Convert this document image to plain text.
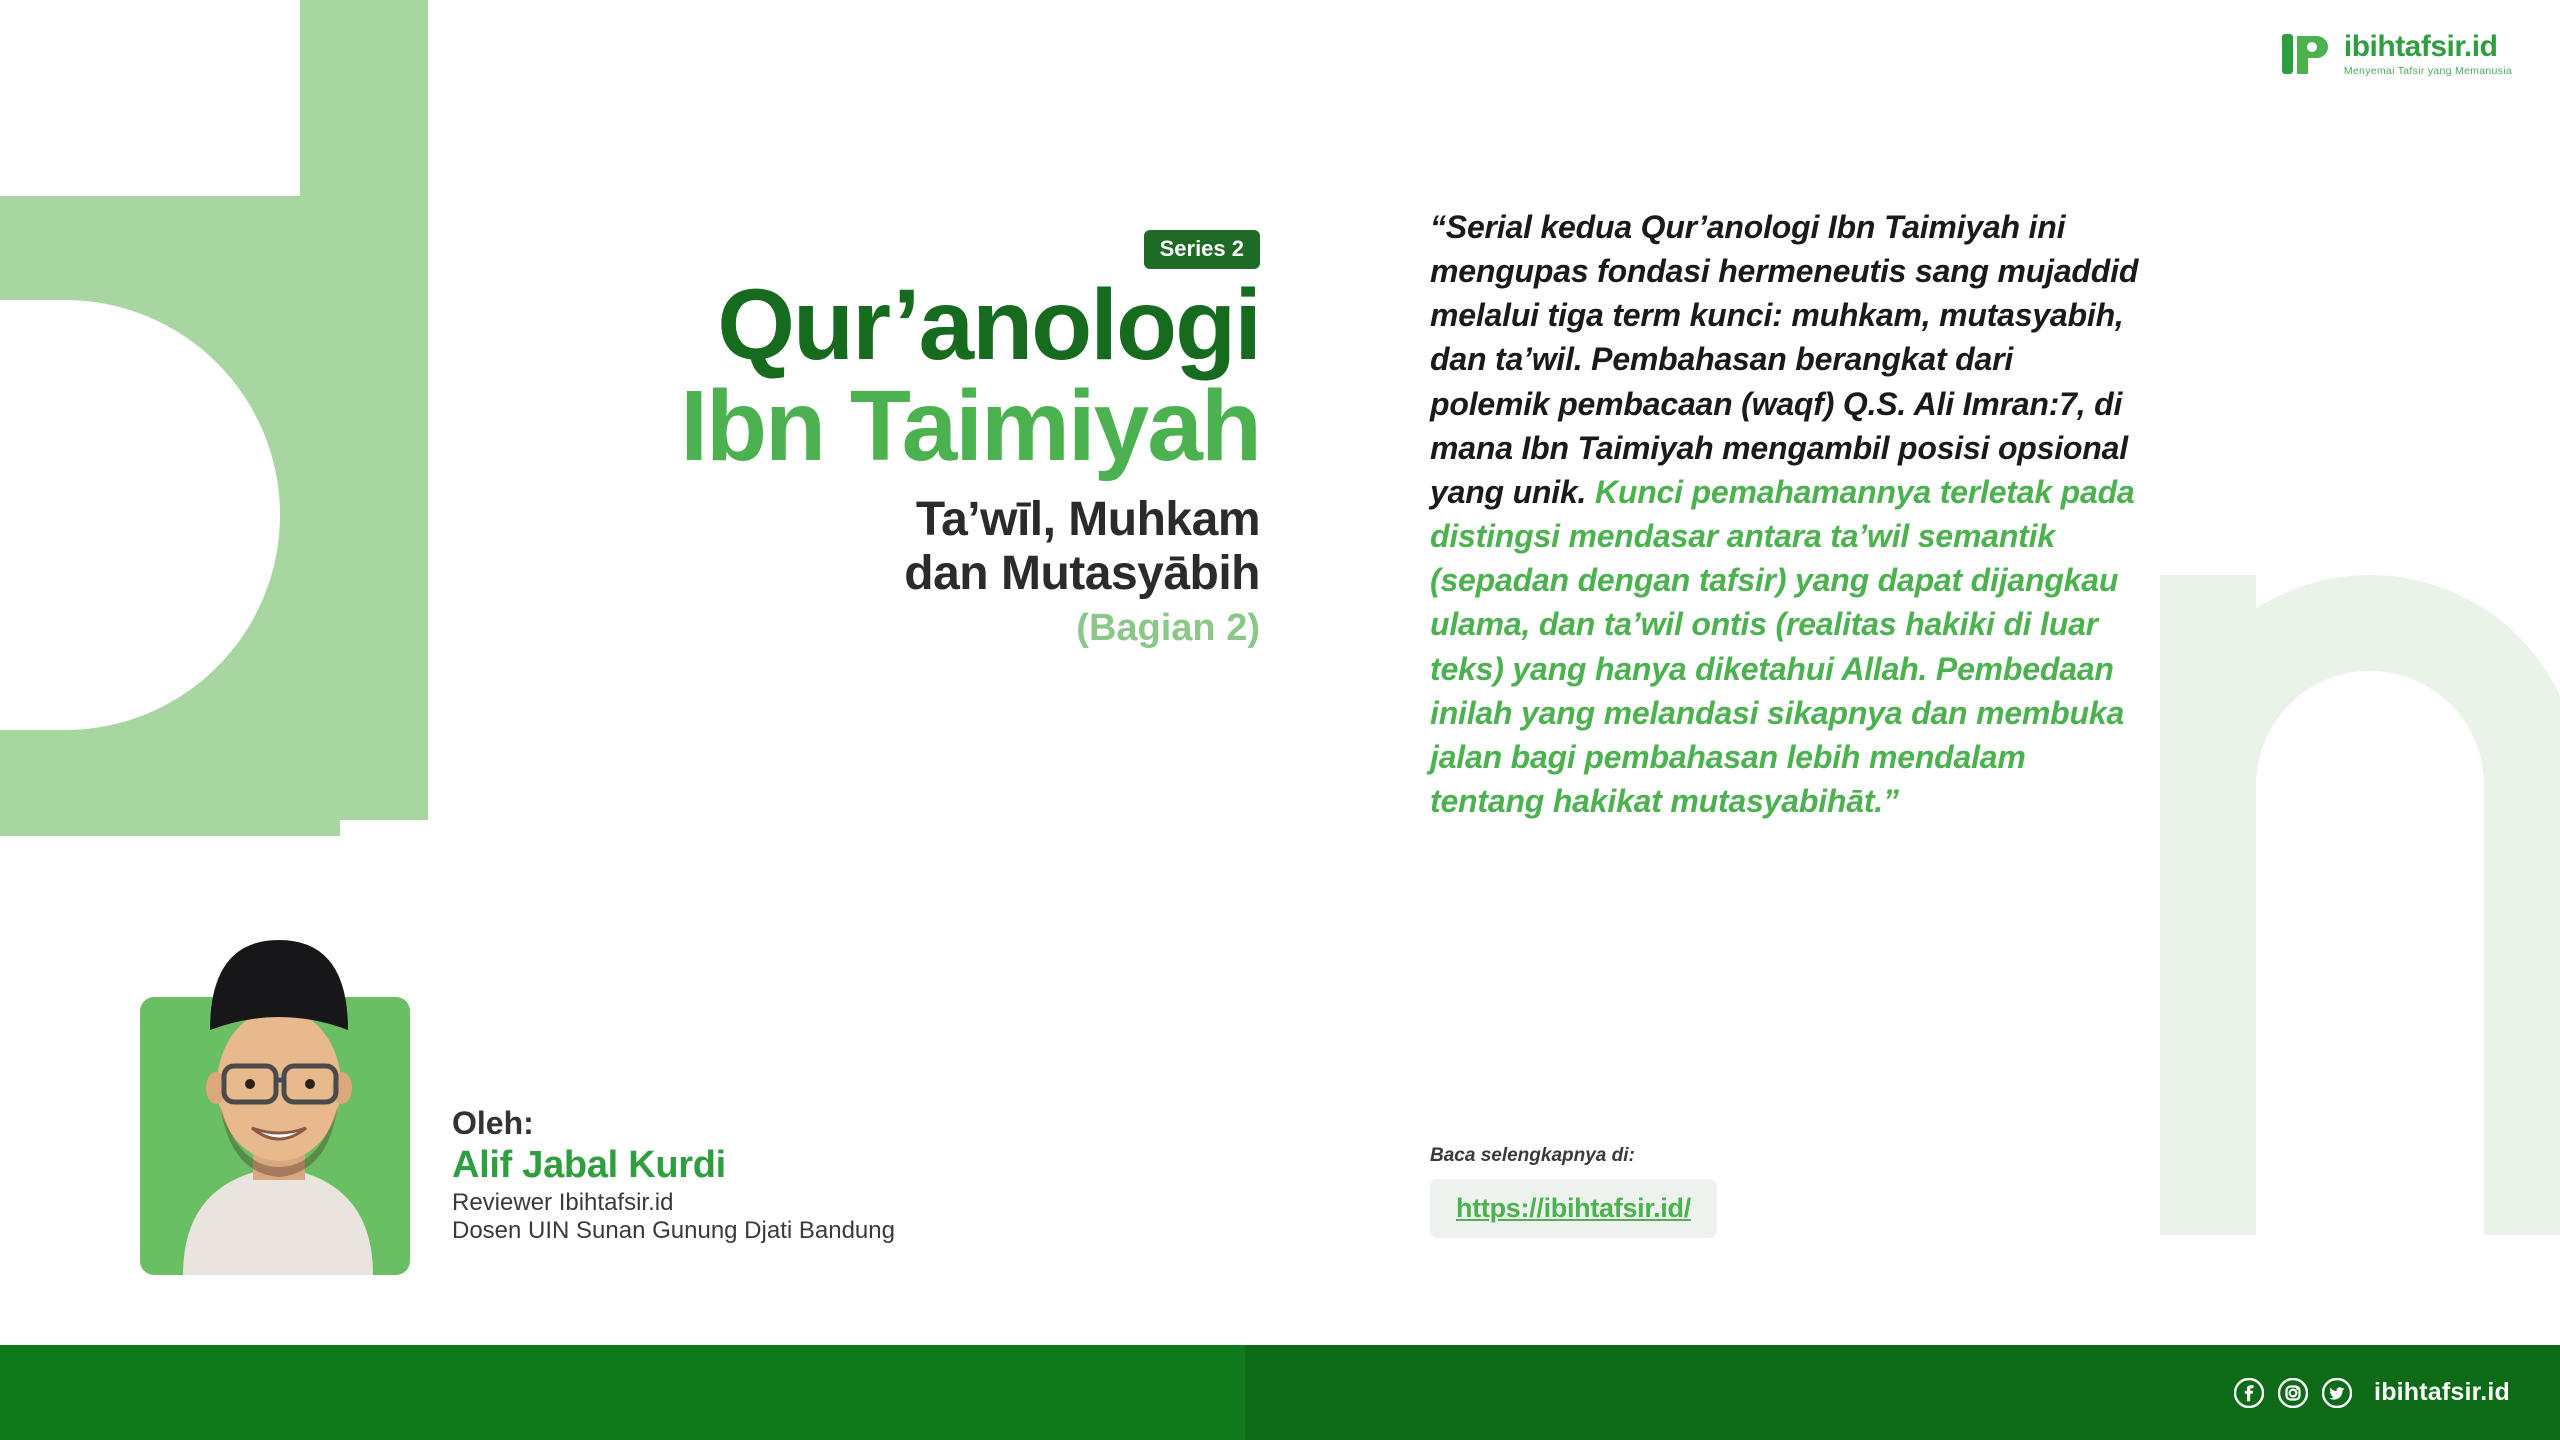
ibihtafsir.id
Menyemai Tafsir yang Memanusia
Series 2
Qur’anologi
Ibn Taimiyah
Ta’wīl, Muhkam
dan Mutasyābih
(Bagian 2)
Oleh:
Alif Jabal Kurdi
Reviewer Ibihtafsir.id
Dosen UIN Sunan Gunung Djati Bandung
“Serial kedua Qur’anologi Ibn Taimiyah ini mengupas fondasi hermeneutis sang mujaddid melalui tiga term kunci: muhkam, mutasyabih, dan ta’wil. Pembahasan berangkat dari polemik pembacaan (waqf) Q.S. Ali Imran:7, di mana Ibn Taimiyah mengambil posisi opsional yang unik. Kunci pemahamannya terletak pada distingsi mendasar antara ta’wil semantik (sepadan dengan tafsir) yang dapat dijangkau ulama, dan ta’wil ontis (realitas hakiki di luar teks) yang hanya diketahui Allah. Pembedaan inilah yang melandasi sikapnya dan membuka jalan bagi pembahasan lebih mendalam tentang hakikat mutasyabihāt.”
Baca selengkapnya di:
https://ibihtafsir.id/
ibihtafsir.id
